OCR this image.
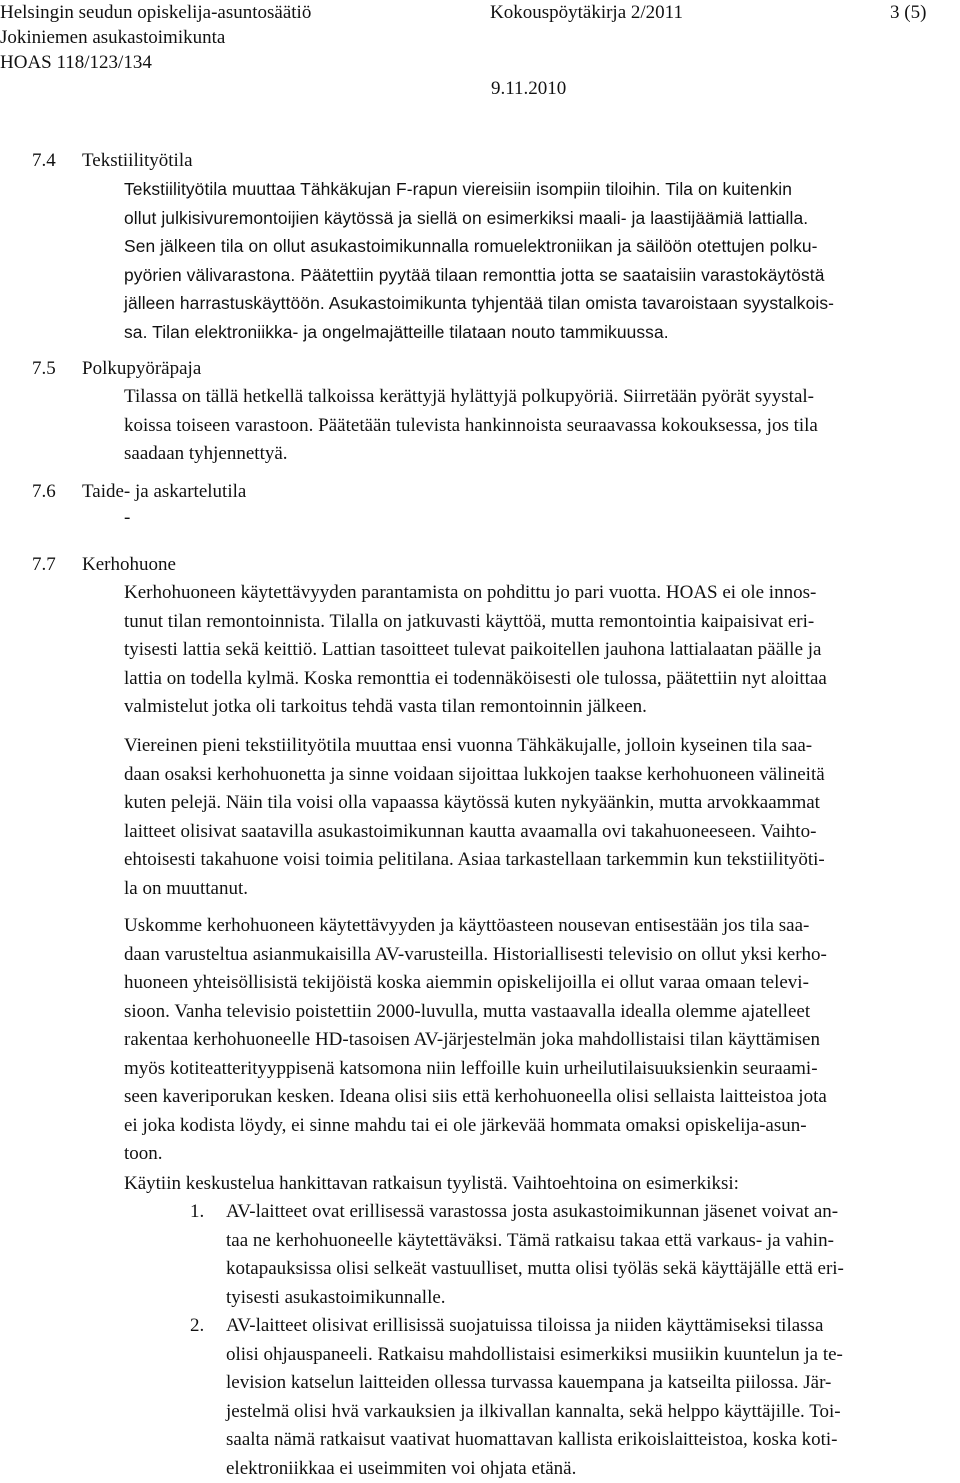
Helsingin seudun opiskelija-asuntosäätiö
Jokiniemen asukastoimikunta
HOAS 118/123/134
Kokouspöytäkirja 2/2011	3 (5)
9.11.2010
7.4 Tekstiilityötila
Tekstiilityötila muuttaa Tähkäkujan F-rapun viereisiin isompiin tiloihin. Tila on kuitenkin
ollut julkisivuremontoijien käytössä ja siellä on esimerkiksi maali- ja laastijäämiä lattialla.
Sen jälkeen tila on ollut asukastoimikunnalla romuelektroniikan ja säilöön otettujen polku-
pyörien välivarastona. Päätettiin pyytää tilaan remonttia jotta se saataisiin varastokäytöstä
jälleen harrastuskäyttöön. Asukastoimikunta tyhjentää tilan omista tavaroistaan syystalkois-
sa. Tilan elektroniikka- ja ongelmajätteille tilataan nouto tammikuussa.
7.5 Polkupyöräpaja
Tilassa on tällä hetkellä talkoissa kerättyjä hylättyjä polkupyöriä. Siirretään pyörät syystal-
koissa toiseen varastoon. Päätetään tulevista hankinnoista seuraavassa kokouksessa, jos tila
saadaan tyhjennettyä.
7.6 Taide- ja askartelutila
-
7.7 Kerhohuone
Kerhohuoneen käytettävyyden parantamista on pohdittu jo pari vuotta. HOAS ei ole innos-
tunut tilan remontoinnista. Tilalla on jatkuvasti käyttöä, mutta remontointia kaipaisivat eri-
tyisesti lattia sekä keittiö. Lattian tasoitteet tulevat paikoitellen jauhona lattialaatan päälle ja
lattia on todella kylmä. Koska remonttia ei todennäköisesti ole tulossa, päätettiin nyt aloittaa
valmistelut jotka oli tarkoitus tehdä vasta tilan remontoinnin jälkeen.
Viereinen pieni tekstiilityötila muuttaa ensi vuonna Tähkäkujalle, jolloin kyseinen tila saa-
daan osaksi kerhohuonetta ja sinne voidaan sijoittaa lukkojen taakse kerhohuoneen välineitä
kuten pelejä. Näin tila voisi olla vapaassa käytössä kuten nykyäänkin, mutta arvokkaammat
laitteet olisivat saatavilla asukastoimikunnan kautta avaamalla ovi takahuoneeseen. Vaihto-
ehtoisesti takahuone voisi toimia pelitilana. Asiaa tarkastellaan tarkemmin kun tekstiilityöti-
la on muuttanut.
Uskomme kerhohuoneen käytettävyyden ja käyttöasteen nousevan entisestään jos tila saa-
daan varusteltua asianmukaisilla AV-varusteilla. Historiallisesti televisio on ollut yksi kerho-
huoneen yhteisöllisistä tekijöistä koska aiemmin opiskelijoilla ei ollut varaa omaan televi-
sioon. Vanha televisio poistettiin 2000-luvulla, mutta vastaavalla idealla olemme ajatelleet
rakentaa kerhohuoneelle HD-tasoisen AV-järjestelmän joka mahdollistaisi tilan käyttämisen
myös kotiteatterityyppisenä katsomona niin leffoille kuin urheilutilaisuuksienkin seuraami-
seen kaveriporukan kesken. Ideana olisi siis että kerhohuoneella olisi sellaista laitteistoa jota
ei joka kodista löydy, ei sinne mahdu tai ei ole järkevää hommata omaksi opiskelija-asun-
toon.
Käytiin keskustelua hankittavan ratkaisun tyylistä. Vaihtoehtoina on esimerkiksi:
1. AV-laitteet ovat erillisessä varastossa josta asukastoimikunnan jäsenet voivat an-
taa ne kerhohuoneelle käytettäväksi. Tämä ratkaisu takaa että varkaus- ja vahin-
kotapauksissa olisi selkeät vastuulliset, mutta olisi työläs sekä käyttäjälle että eri-
tyisesti asukastoimikunnalle.
2. AV-laitteet olisivat erillisissä suojatuissa tiloissa ja niiden käyttämiseksi tilassa
olisi ohjauspaneeli. Ratkaisu mahdollistaisi esimerkiksi musiikin kuuntelun ja te-
levision katselun laitteiden ollessa turvassa kauempana ja katseilta piilossa. Jär-
jestelmä olisi hvä varkauksien ja ilkivallan kannalta, sekä helppo käyttäjille. Toi-
saalta nämä ratkaisut vaativat huomattavan kallista erikoislaitteistoa, koska koti-
elektroniikkaa ei useimmiten voi ohjata etänä.
